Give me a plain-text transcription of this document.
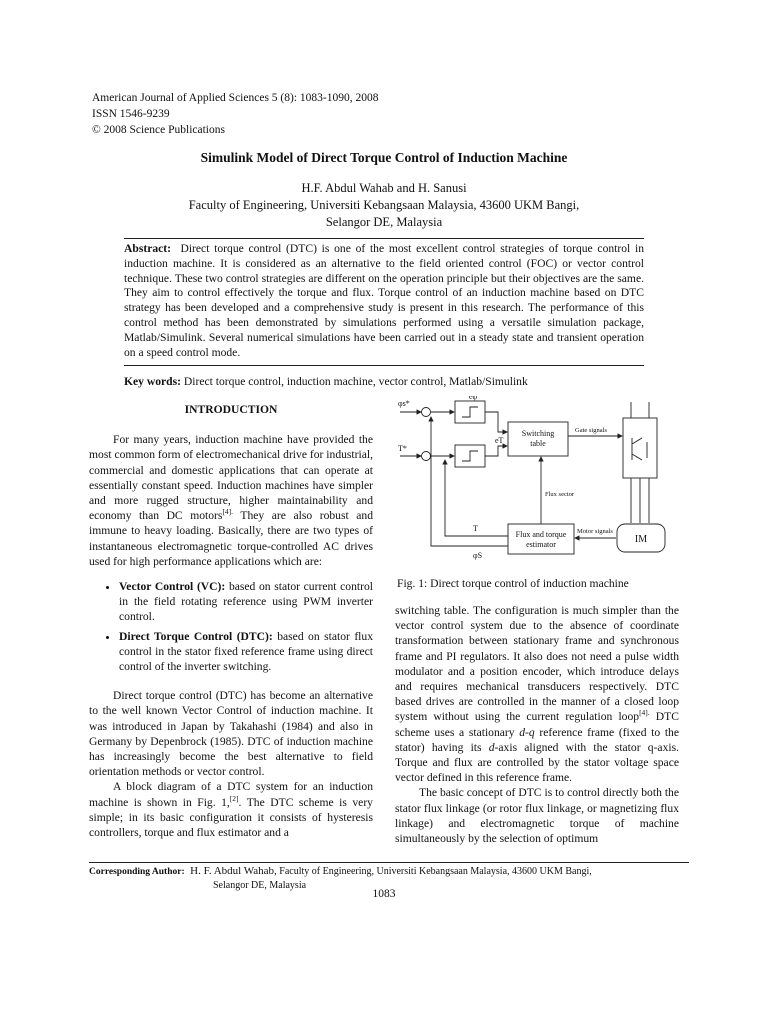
American Journal of Applied Sciences 5 (8): 1083-1090, 2008
ISSN 1546-9239
© 2008 Science Publications
Simulink Model of Direct Torque Control of Induction Machine
H.F. Abdul Wahab and H. Sanusi
Faculty of Engineering, Universiti Kebangsaan Malaysia, 43600 UKM Bangi,
Selangor DE, Malaysia
Abstract: Direct torque control (DTC) is one of the most excellent control strategies of torque control in induction machine. It is considered as an alternative to the field oriented control (FOC) or vector control technique. These two control strategies are different on the operation principle but their objectives are the same. They aim to control effectively the torque and flux. Torque control of an induction machine based on DTC strategy has been developed and a comprehensive study is present in this research. The performance of this control method has been demonstrated by simulations performed using a versatile simulation package, Matlab/Simulink. Several numerical simulations have been carried out in a steady state and transient operation on a speed control mode.
Key words: Direct torque control, induction machine, vector control, Matlab/Simulink
INTRODUCTION

For many years, induction machine have provided the most common form of electromechanical drive for industrial, commercial and domestic applications that can operate at essentially constant speed. Induction machines have simpler and more rugged structure, higher maintainability and economy than DC motors$^{[4].}$ They are also robust and immune to heavy loading. Basically, there are two types of instantaneous electromagnetic torque-controlled AC drives used for high performance applications which are:

• Vector Control (VC): based on stator current control in the field rotating reference using PWM inverter control.
• Direct Torque Control (DTC): based on stator flux control in the stator fixed reference frame using direct control of the inverter switching.

Direct torque control (DTC) has become an alternative to the well known Vector Control of induction machine. It was introduced in Japan by Takahashi (1984) and also in Germany by Depenbrock (1985). DTC of induction machine has increasingly become the best alternative to field orientation methods or vector control.

A block diagram of a DTC system for an induction machine is shown in Fig. 1,[2]. The DTC scheme is very simple; in its basic configuration it consists of hysteresis controllers, torque and flux estimator and a

φs*
T*
eφ
eT
Switching
table
Gate signals
Flux sector
T
φS
Flux and torque
estimator
Motor signals
IM
Fig. 1: Direct torque control of induction machine

switching table. The configuration is much simpler than the vector control system due to the absence of coordinate transformation between stationary frame and synchronous frame and PI regulators. It also does not need a pulse width modulator and a position encoder, which introduce delays and requires mechanical transducers respectively. DTC based drives are controlled in the manner of a closed loop system without using the current regulation loop$^{[4].}$ DTC scheme uses a stationary d-q reference frame (fixed to the stator) having its d-axis aligned with the stator q-axis. Torque and flux are controlled by the stator voltage space vector defined in this reference frame.

The basic concept of DTC is to control directly both the stator flux linkage (or rotor flux linkage, or magnetizing flux linkage) and electromagnetic torque of machine simultaneously by the selection of optimum

Corresponding Author: H. F. Abdul Wahab, Faculty of Engineering, Universiti Kebangsaan Malaysia, 43600 UKM Bangi,
Selangor DE, Malaysia
1083
